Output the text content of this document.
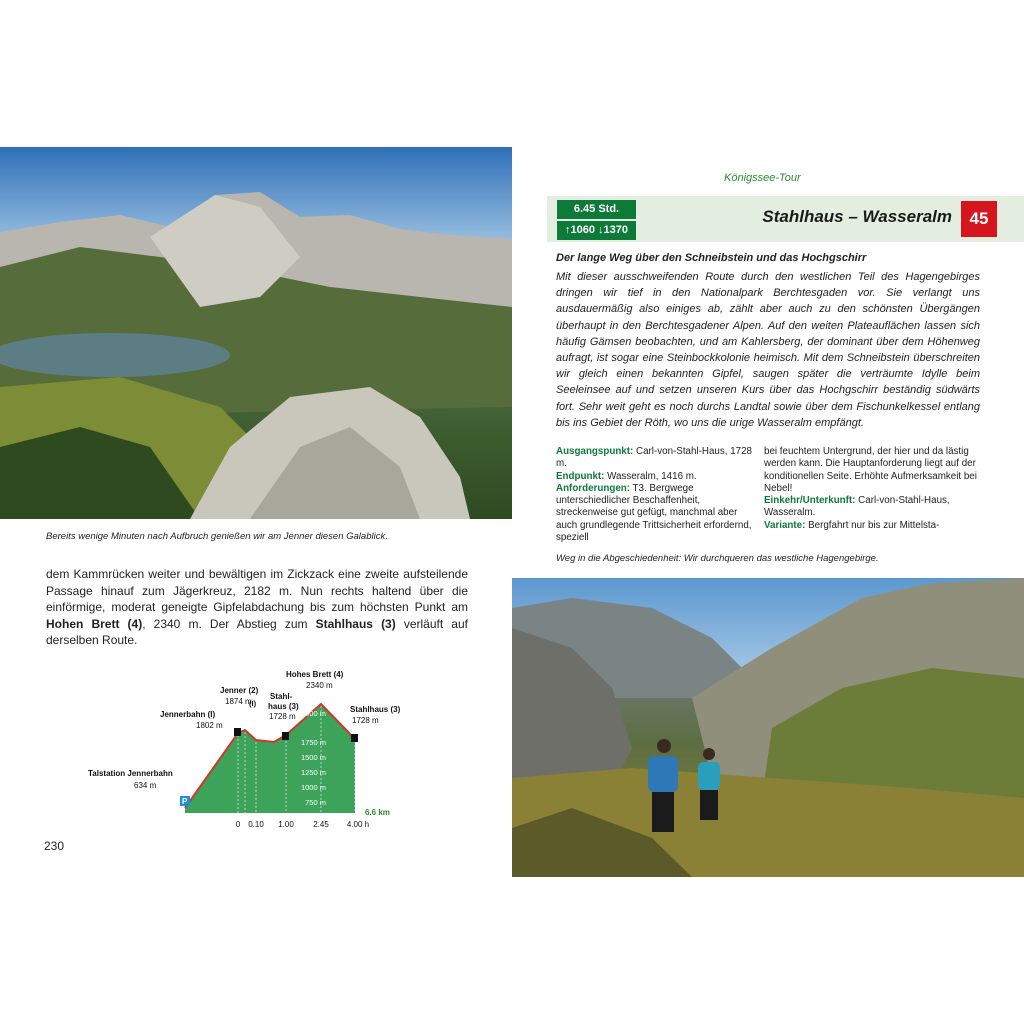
Bereits wenige Minuten nach Aufbruch genießen wir am Jenner diesen Galablick.
dem Kammrücken weiter und bewältigen im Zickzack eine zweite aufsteilende Passage hinauf zum Jägerkreuz, 2182 m. Nun rechts haltend über die einförmige, moderat geneigte Gipfelabdachung bis zum höchsten Punkt am Hohen Brett (4), 2340 m. Der Abstieg zum Stahlhaus (3) verläuft auf derselben Route.
2000 m
1750 m
1500 m
1250 m
1000 m
750 m
P
Talstation Jennerbahn
Jennerbahn (I)
Jenner (2)
(I)
Stahl-
haus (3)
Hohes Brett (4)
Stahlhaus (3)
634 m
1802 m
1874 m
1728 m
2340 m
1728 m
6.6 km
0 0.10 1.00 2.45 4.00 h
230
Königssee-Tour
6.45 Std.
↑1060 ↓1370
Stahlhaus – Wasseralm	45
Der lange Weg über den Schneibstein und das Hochgschirr
Mit dieser ausschweifenden Route durch den westlichen Teil des Hagengebirges dringen wir tief in den Nationalpark Berchtesgaden vor. Sie verlangt uns ausdauermäßig also einiges ab, zählt aber auch zu den schönsten Übergängen überhaupt in den Berchtesgadener Alpen. Auf den weiten Plateauflächen lassen sich häufig Gämsen beobachten, und am Kahlersberg, der dominant über dem Höhenweg aufragt, ist sogar eine Steinbockkolonie heimisch. Mit dem Schneibstein überschreiten wir gleich einen bekannten Gipfel, saugen später die verträumte Idylle beim Seeleinsee auf und setzen unseren Kurs über das Hochgschirr beständig südwärts fort. Sehr weit geht es noch durchs Landtal sowie über dem Fischunkelkessel entlang bis ins Gebiet der Röth, wo uns die urige Wasseralm empfängt.

Ausgangspunkt: Carl-von-Stahl-Haus, 1728 m.

Endpunkt: Wasseralm, 1416 m.

Anforderungen: T3. Bergwege unterschiedlicher Beschaffenheit, streckenweise gut gefügt, manchmal aber auch grundlegende Trittsicherheit erfordernd, speziell

bei feuchtem Untergrund, der hier und da lästig werden kann. Die Hauptanforderung liegt auf der konditionellen Seite. Erhöhte Aufmerksamkeit bei Nebel!

Einkehr/Unterkunft: Carl-von-Stahl-Haus, Wasseralm.

Variante: Bergfahrt nur bis zur Mittelsta-

Weg in die Abgeschiedenheit: Wir durchqueren das westliche Hagengebirge.
